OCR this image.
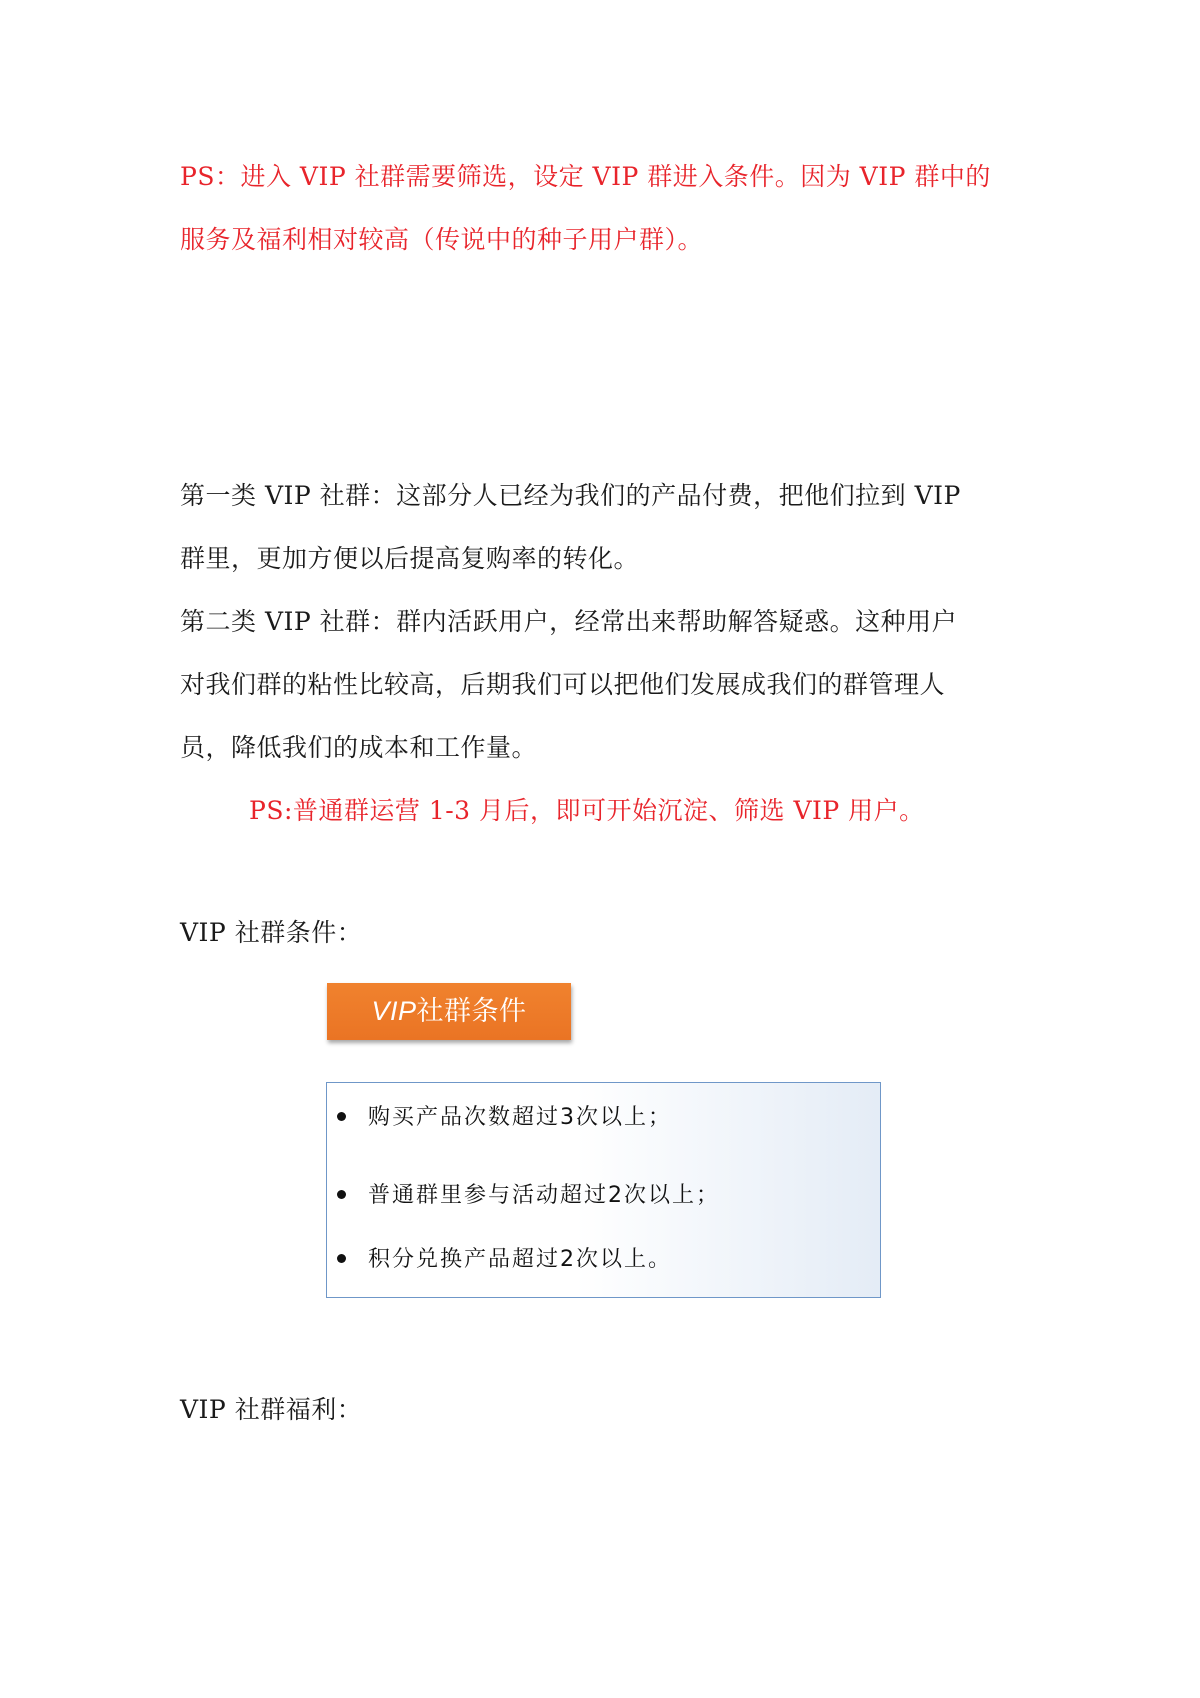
PS：进入 VIP 社群需要筛选，设定 VIP 群进入条件。因为 VIP 群中的
服务及福利相对较高（传说中的种子用户群）。
第一类 VIP 社群：这部分人已经为我们的产品付费，把他们拉到 VIP
群里，更加方便以后提高复购率的转化。
第二类 VIP 社群：群内活跃用户，经常出来帮助解答疑惑。这种用户
对我们群的粘性比较高，后期我们可以把他们发展成我们的群管理人
员，降低我们的成本和工作量。
PS:普通群运营 1-3 月后，即可开始沉淀、筛选 VIP 用户。

VIP 社群条件：

VIP社群条件
购买产品次数超过3次以上；
普通群里参与活动超过2次以上；
积分兑换产品超过2次以上。

VIP 社群福利：
